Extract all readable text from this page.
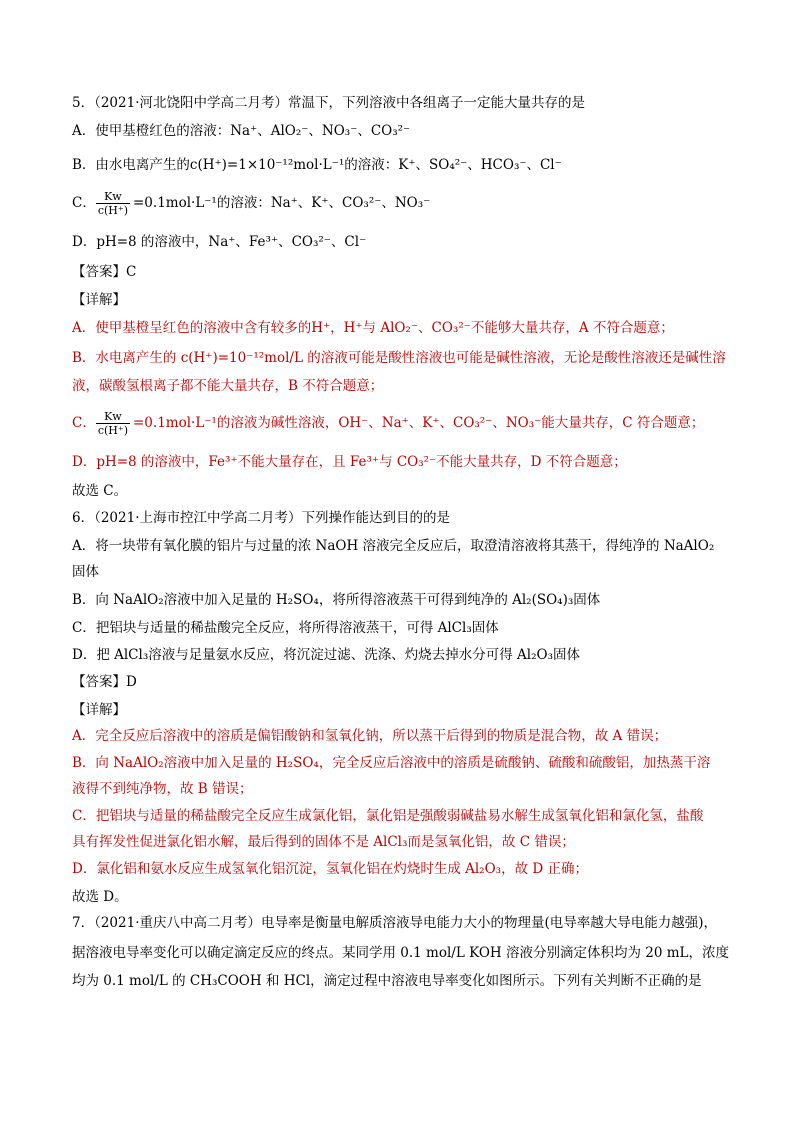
5．（2021·河北饶阳中学高二月考）常温下，下列溶液中各组离子一定能大量共存的是
A．使甲基橙红色的溶液：Na⁺、AlO₂⁻、NO₃⁻、CO₃²⁻
B．由水电离产生的c(H⁺)=1×10⁻¹²mol·L⁻¹的溶液：K⁺、SO₄²⁻、HCO₃⁻、Cl⁻
C． $\frac{Kw}{c(H^+)} =0.1mol\cdot L^{-1}$的溶液：Na⁺、K⁺、CO₃²⁻、NO₃⁻
D．pH=8 的溶液中，Na⁺、Fe³⁺、CO₃²⁻、Cl⁻
【答案】C
【详解】
A．使甲基橙呈红色的溶液中含有较多的H⁺，H⁺与 AlO₂⁻、CO₃²⁻不能够大量共存，A 不符合题意；
B．水电离产生的 c(H⁺)=10⁻¹²mol/L 的溶液可能是酸性溶液也可能是碱性溶液，无论是酸性溶液还是碱性溶
液，碳酸氢根离子都不能大量共存，B 不符合题意；
C． $\frac{Kw}{c(H^+)} =0.1mol\cdot L^{-1}$的溶液为碱性溶液，OH⁻、Na⁺、K⁺、CO₃²⁻、NO₃⁻能大量共存，C 符合题意；
D．pH=8 的溶液中，Fe³⁺不能大量存在，且 Fe³⁺与 CO₃²⁻不能大量共存，D 不符合题意；
故选 C。
6．（2021·上海市控江中学高二月考）下列操作能达到目的的是
A．将一块带有氧化膜的铝片与过量的浓 NaOH 溶液完全反应后，取澄清溶液将其蒸干，得纯净的 NaAlO₂
固体
B．向 NaAlO₂溶液中加入足量的 H₂SO₄，将所得溶液蒸干可得到纯净的 Al₂(SO₄)₃固体
C．把铝块与适量的稀盐酸完全反应，将所得溶液蒸干，可得 AlCl₃固体
D．把 AlCl₃溶液与足量氨水反应，将沉淀过滤、洗涤、灼烧去掉水分可得 Al₂O₃固体
【答案】D
【详解】
A．完全反应后溶液中的溶质是偏铝酸钠和氢氧化钠，所以蒸干后得到的物质是混合物，故 A 错误；
B．向 NaAlO₂溶液中加入足量的 H₂SO₄，完全反应后溶液中的溶质是硫酸钠、硫酸和硫酸铝，加热蒸干溶
液得不到纯净物，故 B 错误；
C．把铝块与适量的稀盐酸完全反应生成氯化铝，氯化铝是强酸弱碱盐易水解生成氢氧化铝和氯化氢，盐酸
具有挥发性促进氯化铝水解，最后得到的固体不是 AlCl₃而是氢氧化铝，故 C 错误；
D．氯化铝和氨水反应生成氢氧化铝沉淀，氢氧化铝在灼烧时生成 Al₂O₃，故 D 正确；
故选 D。
7．（2021·重庆八中高二月考）电导率是衡量电解质溶液导电能力大小的物理量(电导率越大导电能力越强)，
据溶液电导率变化可以确定滴定反应的终点。某同学用 0.1 mol/L KOH 溶液分别滴定体积均为 20 mL，浓度
均为 0.1 mol/L 的 CH₃COOH 和 HCl，滴定过程中溶液电导率变化如图所示。下列有关判断不正确的是
